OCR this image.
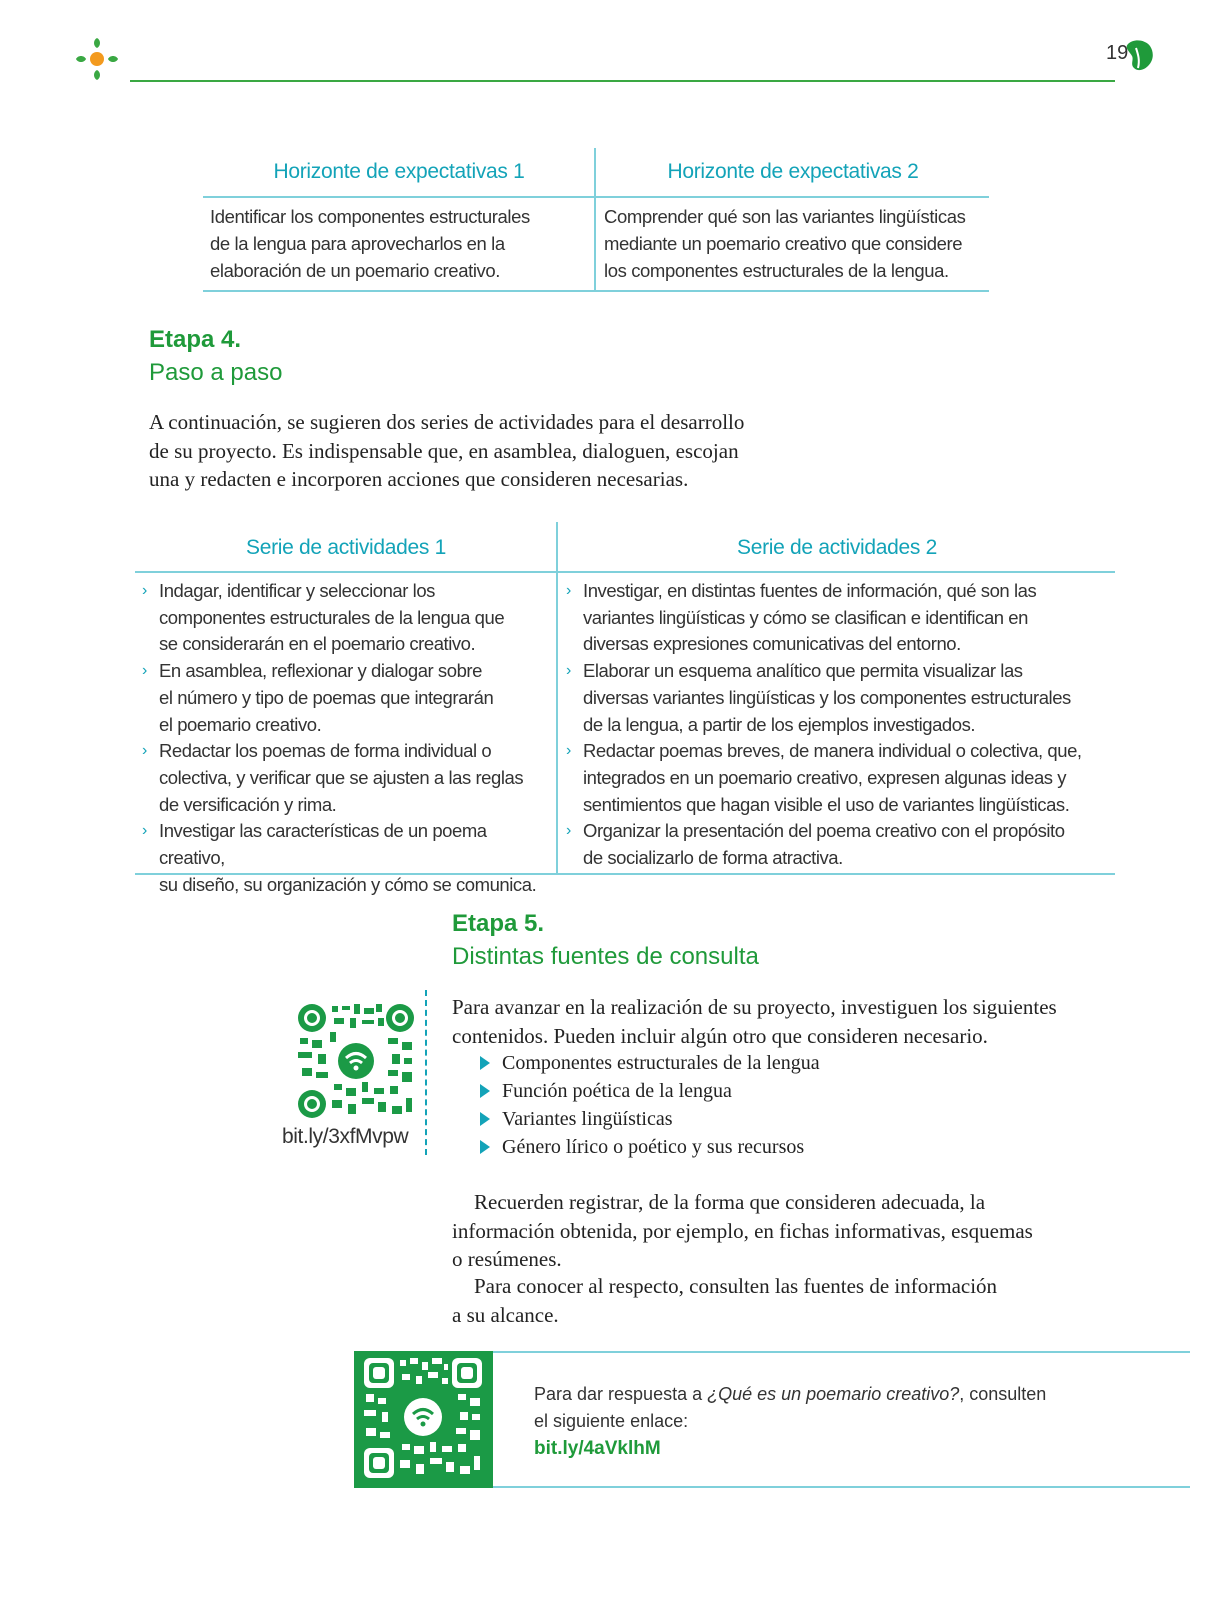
19
Horizonte de expectativas 1	Horizonte de expectativas 2
Identificar los componentes estructurales
de la lengua para aprovecharlos en la
elaboración de un poemario creativo.
Comprender qué son las variantes lingüísticas
mediante un poemario creativo que considere
los componentes estructurales de la lengua.
Etapa 4.
Paso a paso
A continuación, se sugieren dos series de actividades para el desarrollo
de su proyecto. Es indispensable que, en asamblea, dialoguen, escojan
una y redacten e incorporen acciones que consideren necesarias.
Serie de actividades 1	Serie de actividades 2
› Indagar, identificar y seleccionar los
componentes estructurales de la lengua que
se considerarán en el poemario creativo.
› En asamblea, reflexionar y dialogar sobre
el número y tipo de poemas que integrarán
el poemario creativo.
› Redactar los poemas de forma individual o
colectiva, y verificar que se ajusten a las reglas
de versificación y rima.
› Investigar las características de un poema creativo,
su diseño, su organización y cómo se comunica.
› Investigar, en distintas fuentes de información, qué son las
variantes lingüísticas y cómo se clasifican e identifican en
diversas expresiones comunicativas del entorno.
› Elaborar un esquema analítico que permita visualizar las
diversas variantes lingüísticas y los componentes estructurales
de la lengua, a partir de los ejemplos investigados.
› Redactar poemas breves, de manera individual o colectiva, que,
integrados en un poemario creativo, expresen algunas ideas y
sentimientos que hagan visible el uso de variantes lingüísticas.
› Organizar la presentación del poema creativo con el propósito
de socializarlo de forma atractiva.
Etapa 5.
Distintas fuentes de consulta
bit.ly/3xfMvpw
Para avanzar en la realización de su proyecto, investiguen los siguientes
contenidos. Pueden incluir algún otro que consideren necesario.
Componentes estructurales de la lengua
Función poética de la lengua
Variantes lingüísticas
Género lírico o poético y sus recursos
Recuerden registrar, de la forma que consideren adecuada, la
información obtenida, por ejemplo, en fichas informativas, esquemas
o resúmenes.
Para conocer al respecto, consulten las fuentes de información
a su alcance.
Para dar respuesta a ¿Qué es un poemario creativo?, consulten
el siguiente enlace:
bit.ly/4aVklhM
